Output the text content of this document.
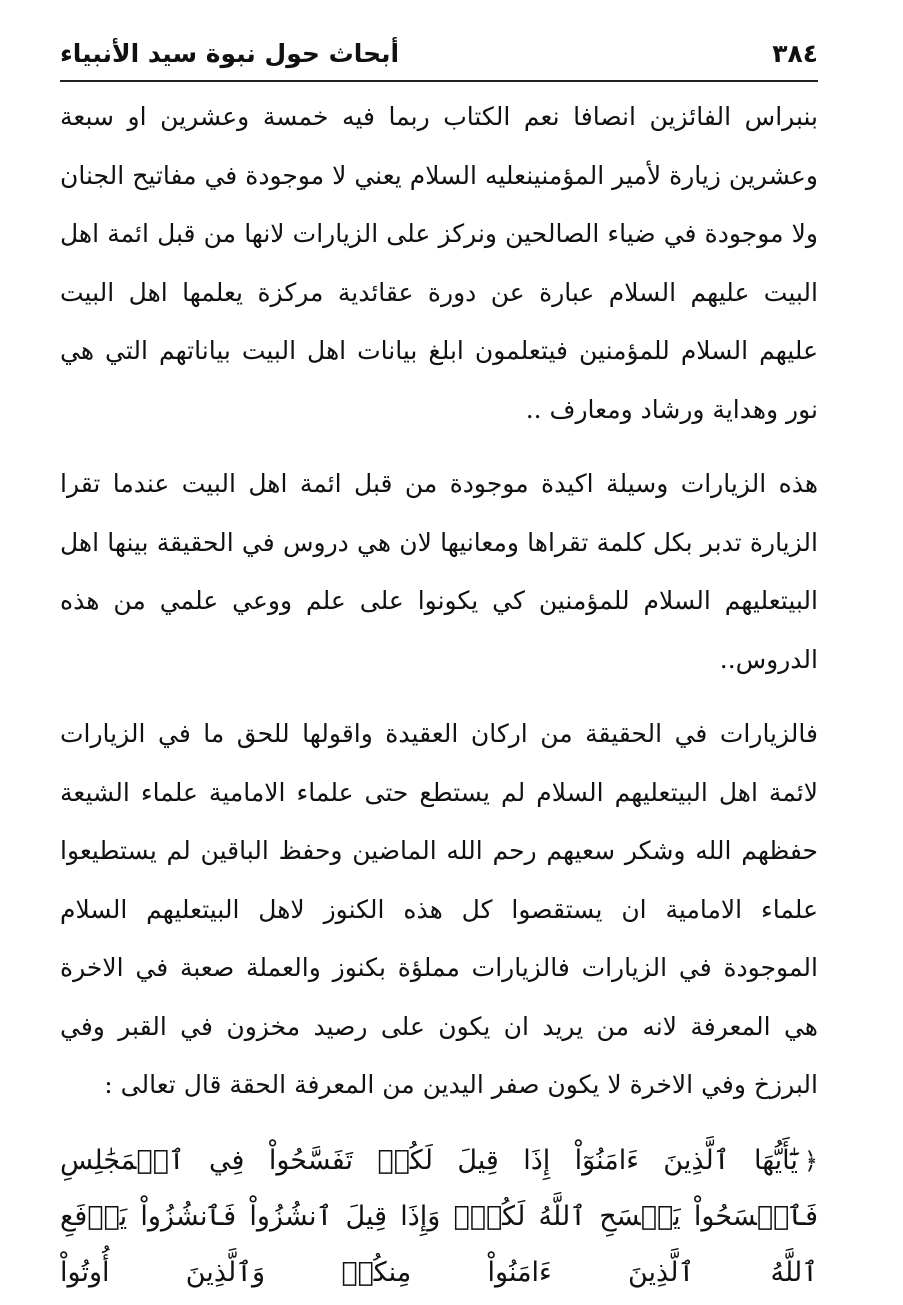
٣٨٤
أبحاث حول نبوة سيد الأنبياء

بنبراس الفائزين انصافا نعم الكتاب ربما فيه خمسة وعشرين او سبعة وعشرين زيارة لأمير المؤمنينعليه السلام يعني لا موجودة في مفاتيح الجنان ولا موجودة في ضياء الصالحين ونركز على الزيارات لانها من قبل ائمة اهل البيت عليهم السلام عبارة عن دورة عقائدية مركزة يعلمها اهل البيت عليهم السلام للمؤمنين فيتعلمون ابلغ بيانات اهل البيت بياناتهم التي هي نور وهداية ورشاد ومعارف ..

هذه الزيارات وسيلة اكيدة موجودة من قبل ائمة اهل البيت عندما تقرا الزيارة تدبر بكل كلمة تقراها ومعانيها لان هي دروس في الحقيقة بينها اهل البيتعليهم السلام للمؤمنين كي يكونوا على علم ووعي علمي من هذه الدروس..

فالزيارات في الحقيقة من اركان العقيدة واقولها للحق ما في الزيارات لائمة اهل البيتعليهم السلام لم يستطع حتى علماء الامامية علماء الشيعة حفظهم الله وشكر سعيهم رحم الله الماضين وحفظ الباقين لم يستطيعوا علماء الامامية ان يستقصوا كل هذه الكنوز لاهل البيتعليهم السلام الموجودة في الزيارات فالزيارات مملؤة بكنوز والعملة صعبة في الاخرة هي المعرفة لانه من يريد ان يكون على رصيد مخزون في القبر وفي البرزخ وفي الاخرة لا يكون صفر اليدين من المعرفة الحقة قال تعالى :

﴿يَٰٓأَيُّهَا ٱلَّذِينَ ءَامَنُوٓاْ إِذَا قِيلَ لَكُمۡ تَفَسَّحُواْ فِي ٱلۡمَجَٰلِسِ فَٱفۡسَحُواْ يَفۡسَحِ ٱللَّهُ لَكُمۡۖ وَإِذَا قِيلَ ٱنشُزُواْ فَٱنشُزُواْ يَرۡفَعِ ٱللَّهُ ٱلَّذِينَ ءَامَنُواْ مِنكُمۡ وَٱلَّذِينَ أُوتُواْ
